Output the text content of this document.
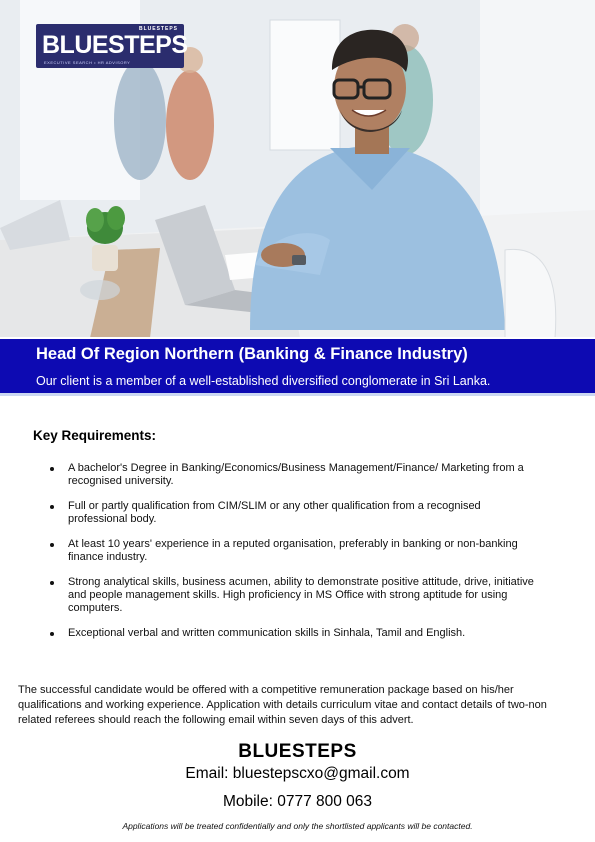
BLUESTEPS
BLUESTEPS
EXECUTIVE SEARCH • HR ADVISORY
Head Of Region Northern (Banking & Finance Industry)
Our client is a member of a well-established diversified conglomerate in Sri Lanka.
Key Requirements:
A bachelor's Degree in Banking/Economics/Business Management/Finance/ Marketing from a recognised university.
Full or partly qualification from CIM/SLIM or any other qualification from a recognised professional body.
At least 10 years' experience in a reputed organisation, preferably in banking or non-banking finance industry.
Strong analytical skills, business acumen, ability to demonstrate positive attitude, drive, initiative and people management skills. High proficiency in MS Office with strong aptitude for using computers.
Exceptional verbal and written communication skills in Sinhala, Tamil and English.

The successful candidate would be offered with a competitive remuneration package based on his/her qualifications and working experience. Application with details curriculum vitae and contact details of two-non related referees should reach the following email within seven days of this advert.

BLUESTEPS
Email: bluestepscxo@gmail.com
Mobile: 0777 800 063
Applications will be treated confidentially and only the shortlisted applicants will be contacted.
